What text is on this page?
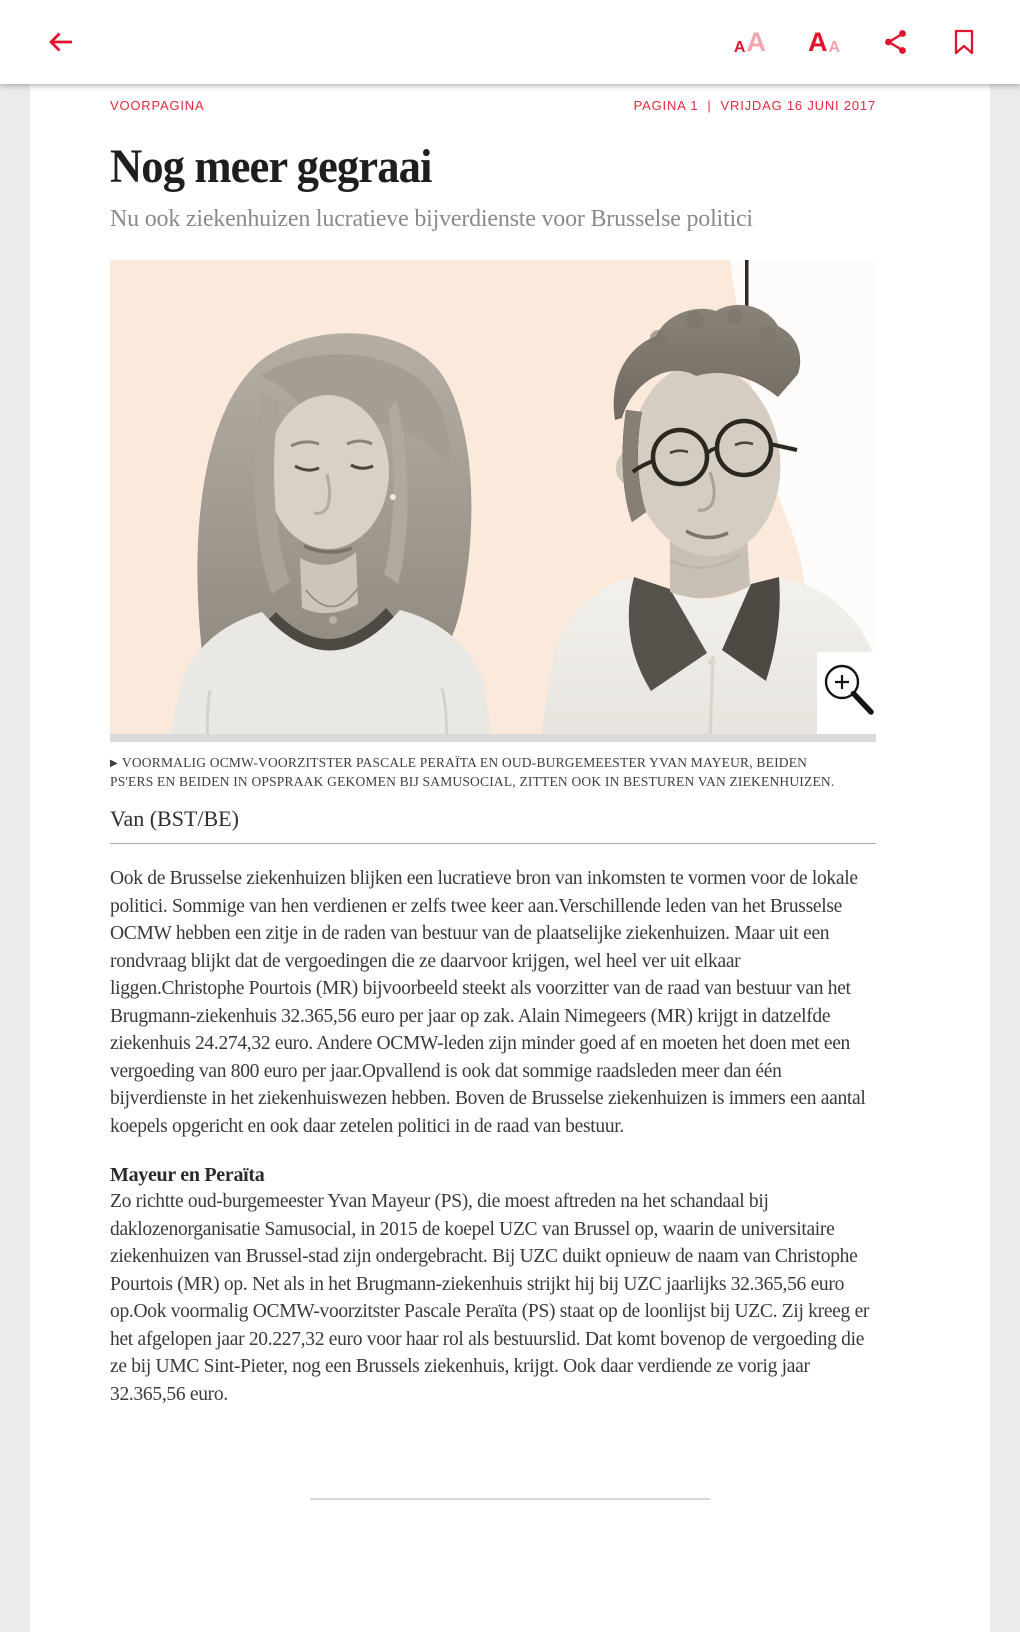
A A A A
VOORPAGINA	PAGINA 1 | VRIJDAG 16 JUNI 2017
Nog meer gegraai
Nu ook ziekenhuizen lucratieve bijverdienste voor Brusselse politici
▶ VOORMALIG OCMW-VOORZITSTER PASCALE PERAÏTA EN OUD-BURGEMEESTER YVAN MAYEUR, BEIDEN PS'ERS EN BEIDEN IN OPSPRAAK GEKOMEN BIJ SAMUSOCIAL, ZITTEN OOK IN BESTUREN VAN ZIEKENHUIZEN.
Van (BST/BE)

Ook de Brusselse ziekenhuizen blijken een lucratieve bron van inkomsten te vormen voor de lokale politici. Sommige van hen verdienen er zelfs twee keer aan.Verschillende leden van het Brusselse OCMW hebben een zitje in de raden van bestuur van de plaatselijke ziekenhuizen. Maar uit een rondvraag blijkt dat de vergoedingen die ze daarvoor krijgen, wel heel ver uit elkaar liggen.Christophe Pourtois (MR) bijvoorbeeld steekt als voorzitter van de raad van bestuur van het Brugmann-ziekenhuis 32.365,56 euro per jaar op zak. Alain Nimegeers (MR) krijgt in datzelfde ziekenhuis 24.274,32 euro. Andere OCMW-leden zijn minder goed af en moeten het doen met een vergoeding van 800 euro per jaar.Opvallend is ook dat sommige raadsleden meer dan één bijverdienste in het ziekenhuiswezen hebben. Boven de Brusselse ziekenhuizen is immers een aantal koepels opgericht en ook daar zetelen politici in de raad van bestuur.

Mayeur en Peraïta

Zo richtte oud-burgemeester Yvan Mayeur (PS), die moest aftreden na het schandaal bij daklozenorganisatie Samusocial, in 2015 de koepel UZC van Brussel op, waarin de universitaire ziekenhuizen van Brussel-stad zijn ondergebracht. Bij UZC duikt opnieuw de naam van Christophe Pourtois (MR) op. Net als in het Brugmann-ziekenhuis strijkt hij bij UZC jaarlijks 32.365,56 euro op.Ook voormalig OCMW-voorzitster Pascale Peraïta (PS) staat op de loonlijst bij UZC. Zij kreeg er het afgelopen jaar 20.227,32 euro voor haar rol als bestuurslid. Dat komt bovenop de vergoeding die ze bij UMC Sint-Pieter, nog een Brussels ziekenhuis, krijgt. Ook daar verdiende ze vorig jaar 32.365,56 euro.
